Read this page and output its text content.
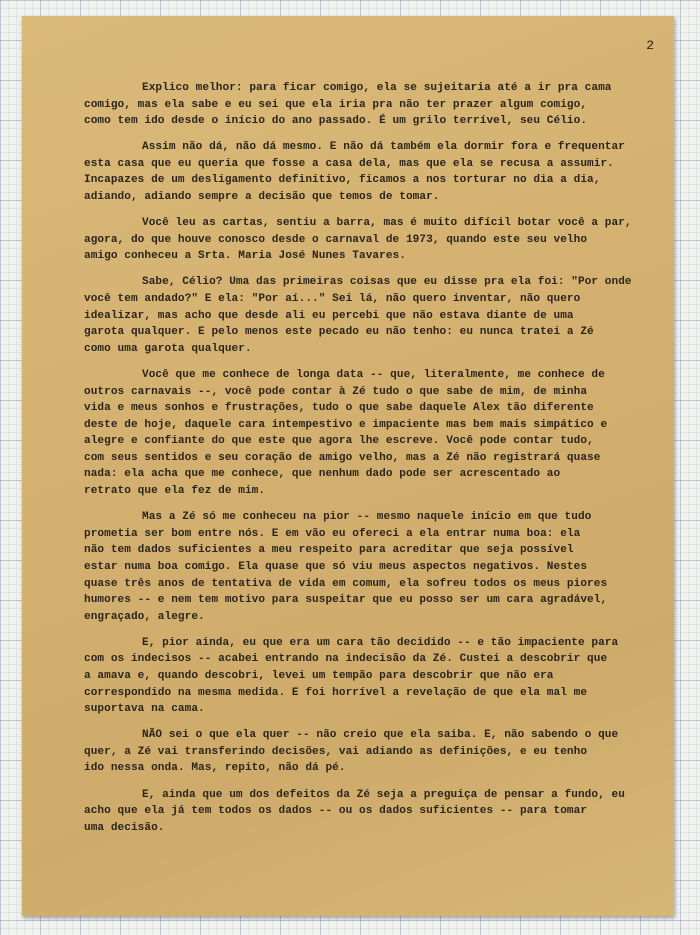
2
Explico melhor: para ficar comigo, ela se sujeitaria até a ir pra cama
comigo, mas ela sabe e eu sei que ela iria pra não ter prazer algum comigo,
como tem ido desde o início do ano passado. É um grilo terrível, seu Célio.
Assim não dá, não dá mesmo. E não dá também ela dormir fora e frequentar
esta casa que eu queria que fosse a casa dela, mas que ela se recusa a assumir.
Incapazes de um desligamento definitivo, ficamos a nos torturar no dia a dia,
adiando, adiando sempre a decisão que temos de tomar.
Você leu as cartas, sentiu a barra, mas é muito difícil botar você a par,
agora, do que houve conosco desde o carnaval de 1973, quando este seu velho
amigo conheceu a Srta. Maria José Nunes Tavares.
Sabe, Célio? Uma das primeiras coisas que eu disse pra ela foi: "Por onde
você tem andado?" E ela: "Por aí..." Sei lá, não quero inventar, não quero
idealizar, mas acho que desde ali eu percebi que não estava diante de uma
garota qualquer. E pelo menos este pecado eu não tenho: eu nunca tratei a Zé
como uma garota qualquer.
Você que me conhece de longa data -- que, literalmente, me conhece de
outros carnavais --, você pode contar à Zé tudo o que sabe de mim, de minha
vida e meus sonhos e frustrações, tudo o que sabe daquele Alex tão diferente
deste de hoje, daquele cara intempestivo e impaciente mas bem mais simpático e
alegre e confiante do que este que agora lhe escreve. Você pode contar tudo,
com seus sentidos e seu coração de amigo velho, mas a Zé não registrará quase
nada: ela acha que me conhece, que nenhum dado pode ser acrescentado ao
retrato que ela fez de mim.
Mas a Zé só me conheceu na pior -- mesmo naquele início em que tudo
prometia ser bom entre nós. E em vão eu ofereci a ela entrar numa boa: ela
não tem dados suficientes a meu respeito para acreditar que seja possível
estar numa boa comigo. Ela quase que só viu meus aspectos negativos. Nestes
quase três anos de tentativa de vida em comum, ela sofreu todos os meus piores
humores -- e nem tem motivo para suspeitar que eu posso ser um cara agradável,
engraçado, alegre.
E, pior ainda, eu que era um cara tão decidido -- e tão impaciente para
com os indecisos -- acabei entrando na indecisão da Zé. Custei a descobrir que
a amava e, quando descobri, levei um tempão para descobrir que não era
correspondido na mesma medida. E foi horrível a revelação de que ela mal me
suportava na cama.
NÃO sei o que ela quer -- não creio que ela saiba. E, não sabendo o que
quer, a Zé vai transferindo decisões, vai adiando as definições, e eu tenho
ido nessa onda. Mas, repito, não dá pé.
E, ainda que um dos defeitos da Zé seja a preguiça de pensar a fundo, eu
acho que ela já tem todos os dados -- ou os dados suficientes -- para tomar
uma decisão.
